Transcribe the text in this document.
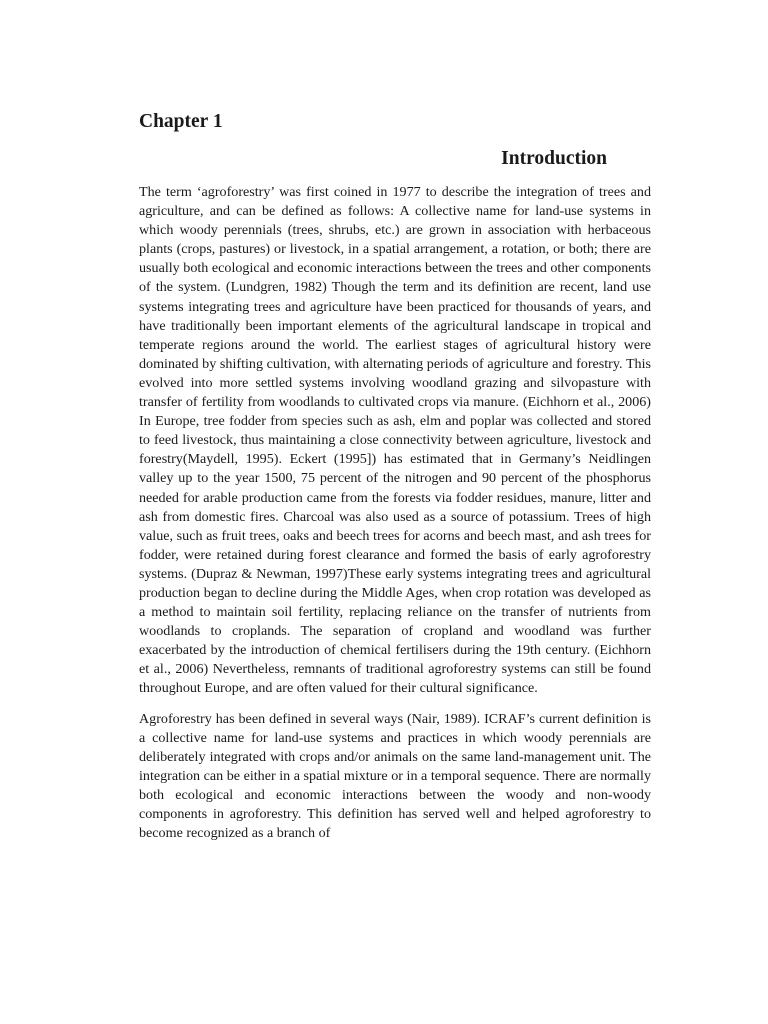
Chapter 1
Introduction

The term ‘agroforestry’ was first coined in 1977 to describe the integration of trees and agriculture, and can be defined as follows: A collective name for land-use systems in which woody perennials (trees, shrubs, etc.) are grown in association with herbaceous plants (crops, pastures) or livestock, in a spatial arrangement, a rotation, or both; there are usually both ecological and economic interactions between the trees and other components of the system. (Lundgren, 1982) Though the term and its definition are recent, land use systems integrating trees and agriculture have been practiced for thousands of years, and have traditionally been important elements of the agricultural landscape in tropical and temperate regions around the world. The earliest stages of agricultural history were dominated by shifting cultivation, with alternating periods of agriculture and forestry. This evolved into more settled systems involving woodland grazing and silvopasture with transfer of fertility from woodlands to cultivated crops via manure. (Eichhorn et al., 2006) In Europe, tree fodder from species such as ash, elm and poplar was collected and stored to feed livestock, thus maintaining a close connectivity between agriculture, livestock and forestry(Maydell, 1995). Eckert (1995]) has estimated that in Germany’s Neidlingen valley up to the year 1500, 75 percent of the nitrogen and 90 percent of the phosphorus needed for arable production came from the forests via fodder residues, manure, litter and ash from domestic fires. Charcoal was also used as a source of potassium. Trees of high value, such as fruit trees, oaks and beech trees for acorns and beech mast, and ash trees for fodder, were retained during forest clearance and formed the basis of early agroforestry systems. (Dupraz & Newman, 1997)These early systems integrating trees and agricultural production began to decline during the Middle Ages, when crop rotation was developed as a method to maintain soil fertility, replacing reliance on the transfer of nutrients from woodlands to croplands. The separation of cropland and woodland was further exacerbated by the introduction of chemical fertilisers during the 19th century. (Eichhorn et al., 2006) Nevertheless, remnants of traditional agroforestry systems can still be found throughout Europe, and are often valued for their cultural significance.

Agroforestry has been defined in several ways (Nair, 1989). ICRAF’s current definition is a collective name for land-use systems and practices in which woody perennials are deliberately integrated with crops and/or animals on the same land-management unit. The integration can be either in a spatial mixture or in a temporal sequence. There are normally both ecological and economic interactions between the woody and non-woody components in agroforestry. This definition has served well and helped agroforestry to become recognized as a branch of
